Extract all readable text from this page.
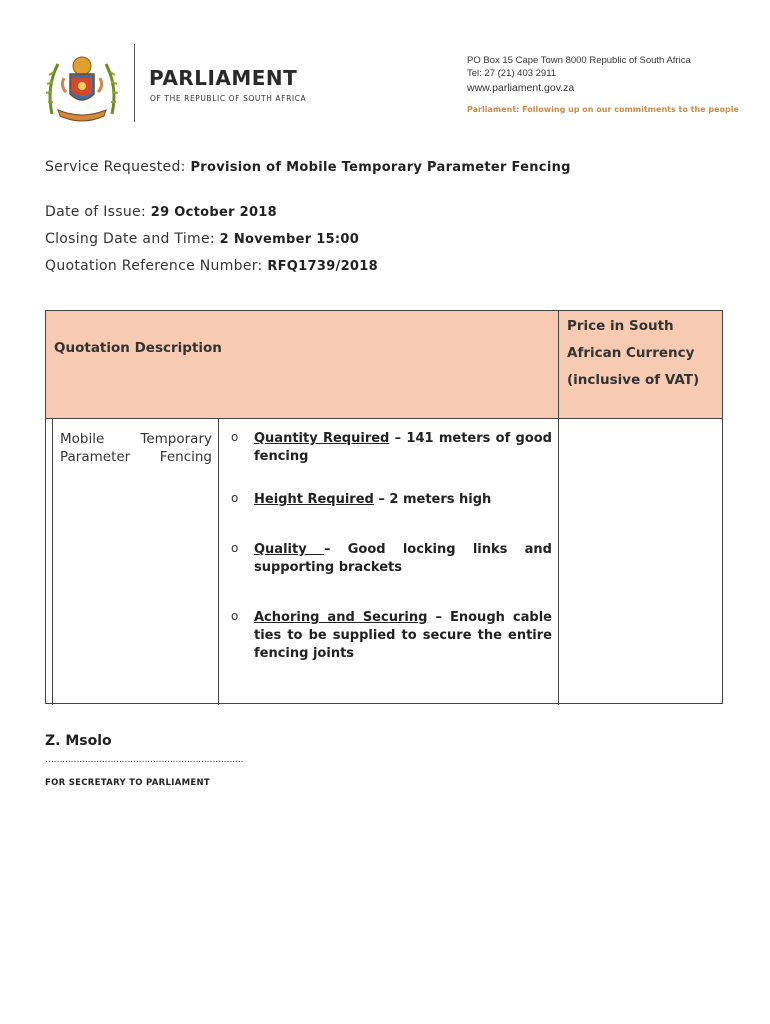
PARLIAMENT
OF THE REPUBLIC OF SOUTH AFRICA
PO Box 15 Cape Town 8000 Republic of South Africa
Tel: 27 (21) 403 2911
www.parliament.gov.za
Parliament: Following up on our commitments to the people
Service Requested: Provision of Mobile Temporary Parameter Fencing
Date of Issue: 29 October 2018
Closing Date and Time: 2 November 15:00
Quotation Reference Number: RFQ1739/2018
Quotation Description
Price in South African Currency (inclusive of VAT)
Mobile Temporary Parameter Fencing
o Quantity Required – 141 meters of good fencing
o Height Required – 2 meters high
o Quality – Good locking links and supporting brackets
o Achoring and Securing – Enough cable ties to be supplied to secure the entire fencing joints
Z. Msolo
…………………………………………………………….
FOR SECRETARY TO PARLIAMENT
